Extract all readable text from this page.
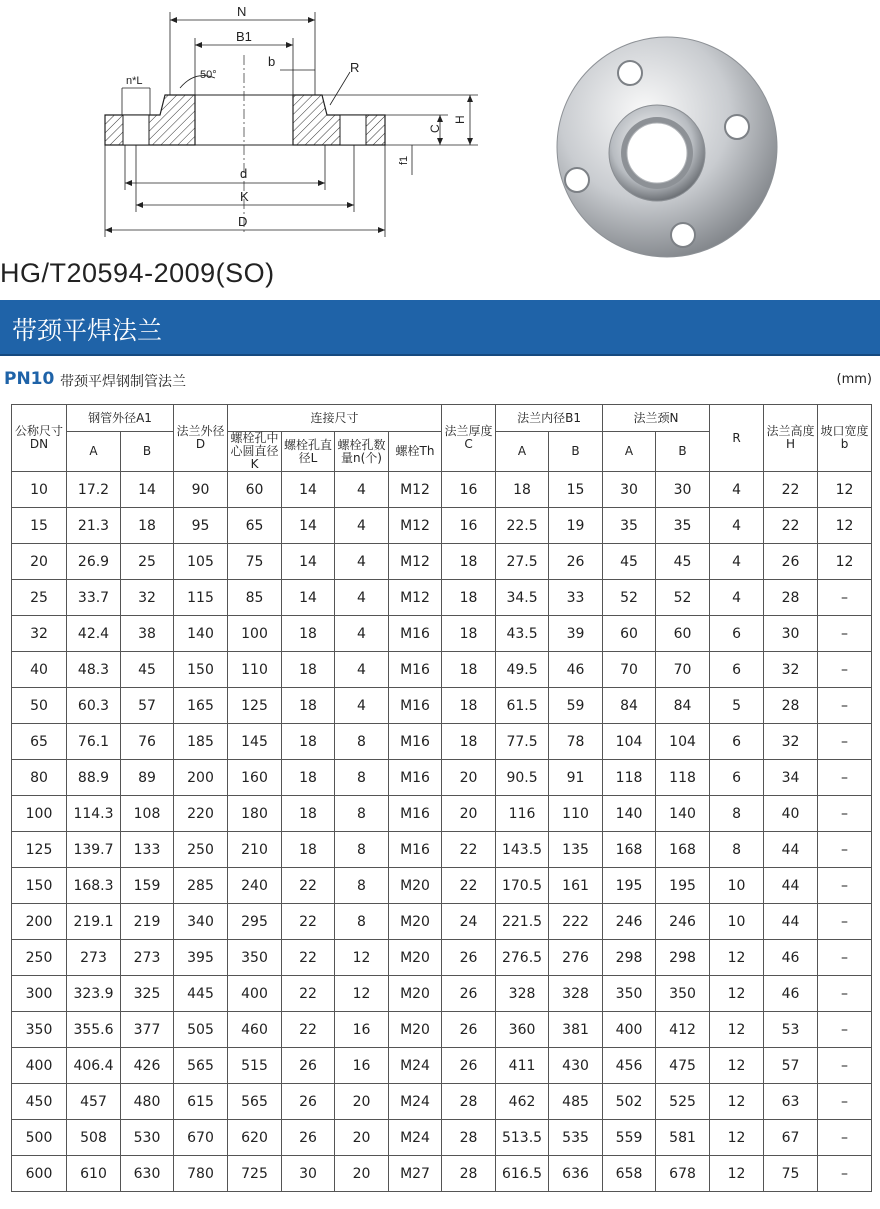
N
B1
b	R
50°
n*L
d
K
D
C
H
f1
HG/T20594-2009(SO)
带颈平焊法兰
PN10 带颈平焊钢制管法兰	(mm)
公称尺寸DN	钢管外径A1		法兰外径D	连接尺寸				法兰厚度C	法兰内径B1		法兰颈N		R	法兰高度H	坡口宽度b
				螺栓孔中心圆直径K	螺栓孔直径L	螺栓孔数量n(个)	螺栓Th								
	A	B							A	B	A	B			
10	17.2	14	90	60	14	4	M12	16	18	15	30	30	4	22	12
15	21.3	18	95	65	14	4	M12	16	22.5	19	35	35	4	22	12
20	26.9	25	105	75	14	4	M12	18	27.5	26	45	45	4	26	12
25	33.7	32	115	85	14	4	M12	18	34.5	33	52	52	4	28	–
32	42.4	38	140	100	18	4	M16	18	43.5	39	60	60	6	30	–
40	48.3	45	150	110	18	4	M16	18	49.5	46	70	70	6	32	–
50	60.3	57	165	125	18	4	M16	18	61.5	59	84	84	5	28	–
65	76.1	76	185	145	18	8	M16	18	77.5	78	104	104	6	32	–
80	88.9	89	200	160	18	8	M16	20	90.5	91	118	118	6	34	–
100	114.3	108	220	180	18	8	M16	20	116	110	140	140	8	40	–
125	139.7	133	250	210	18	8	M16	22	143.5	135	168	168	8	44	–
150	168.3	159	285	240	22	8	M20	22	170.5	161	195	195	10	44	–
200	219.1	219	340	295	22	8	M20	24	221.5	222	246	246	10	44	–
250	273	273	395	350	22	12	M20	26	276.5	276	298	298	12	46	–
300	323.9	325	445	400	22	12	M20	26	328	328	350	350	12	46	–
350	355.6	377	505	460	22	16	M20	26	360	381	400	412	12	53	–
400	406.4	426	565	515	26	16	M24	26	411	430	456	475	12	57	–
450	457	480	615	565	26	20	M24	28	462	485	502	525	12	63	–
500	508	530	670	620	26	20	M24	28	513.5	535	559	581	12	67	–
600	610	630	780	725	30	20	M27	28	616.5	636	658	678	12	75	–
